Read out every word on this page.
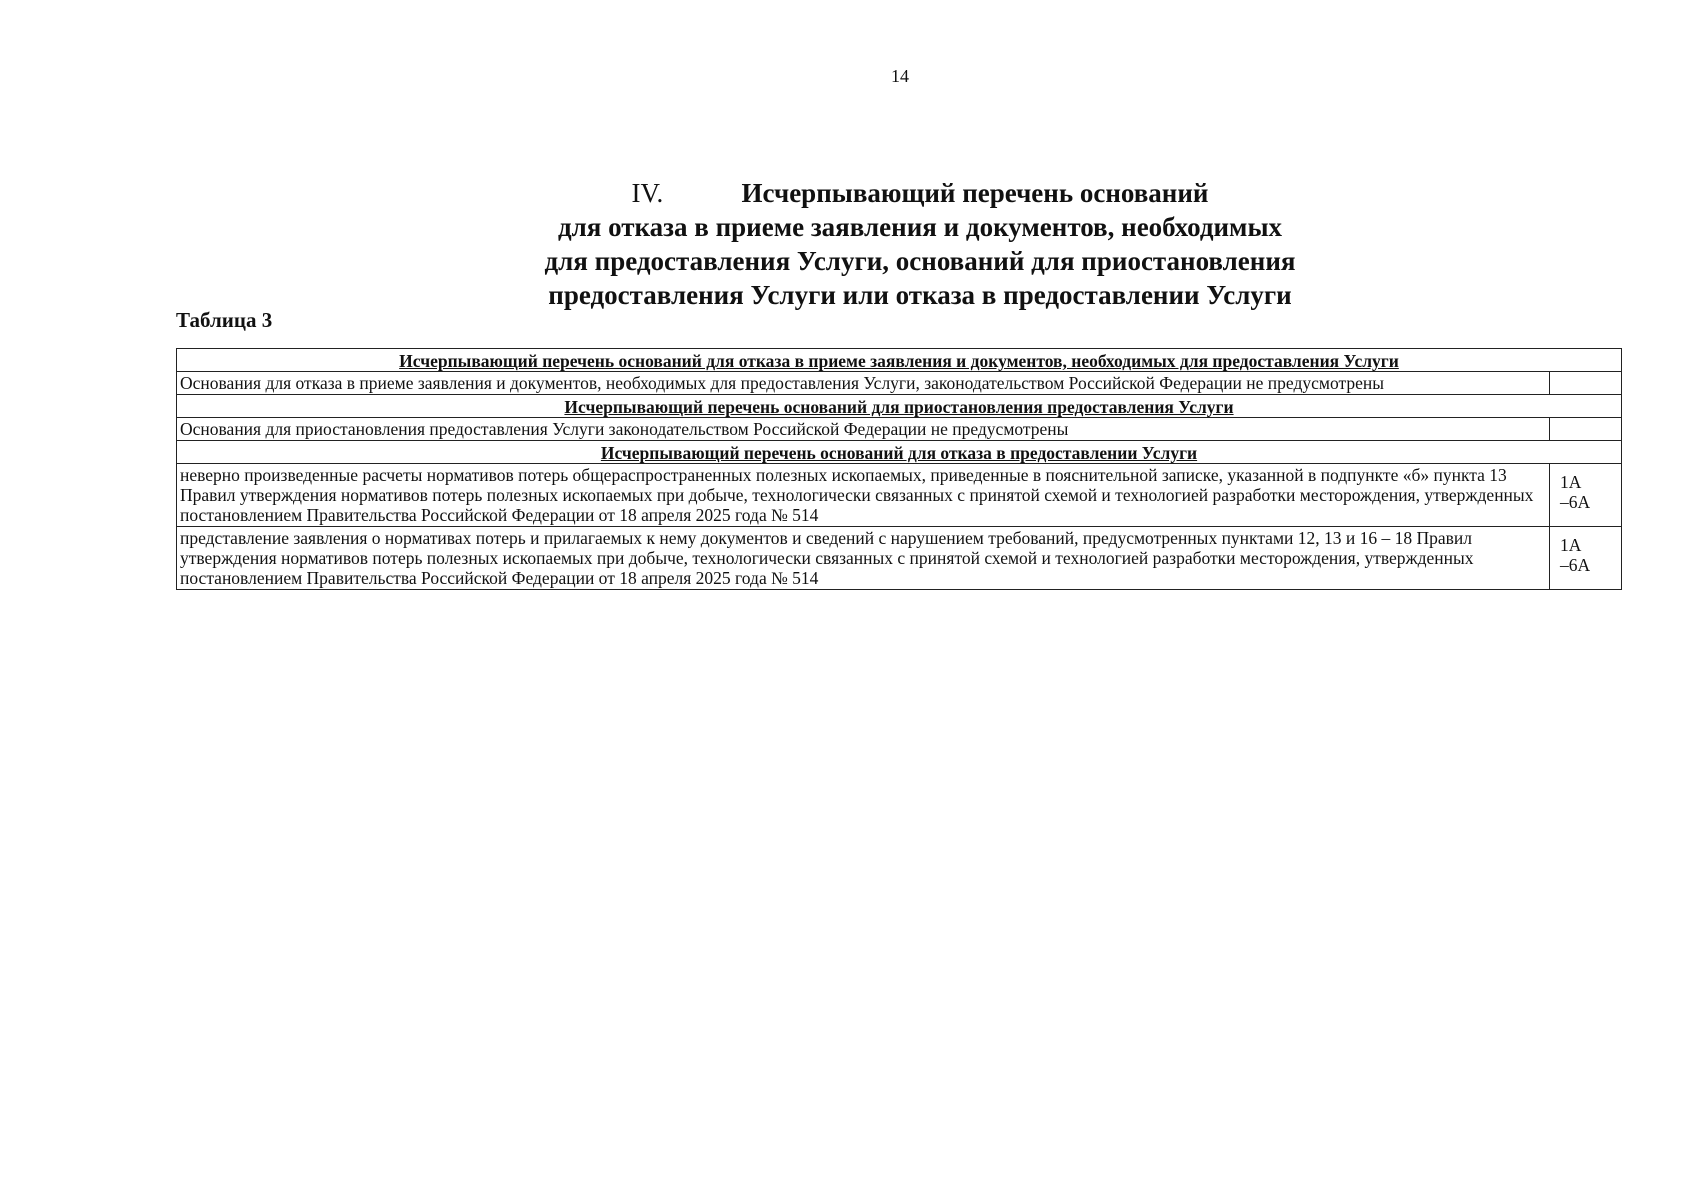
14
IV.	Исчерпывающий перечень оснований
для отказа в приеме заявления и документов, необходимых
для предоставления Услуги, оснований для приостановления
предоставления Услуги или отказа в предоставлении Услуги
Таблица 3
Исчерпывающий перечень оснований для отказа в приеме заявления и документов, необходимых для предоставления Услуги	
Основания для отказа в приеме заявления и документов, необходимых для предоставления Услуги, законодательством Российской Федерации не предусмотрены	
Исчерпывающий перечень оснований для приостановления предоставления Услуги	
Основания для приостановления предоставления Услуги законодательством Российской Федерации не предусмотрены	
Исчерпывающий перечень оснований для отказа в предоставлении Услуги	
неверно произведенные расчеты нормативов потерь общераспространенных полезных ископаемых, приведенные в пояснительной записке, указанной в подпункте «б» пункта 13 Правил утверждения нормативов потерь полезных ископаемых при добыче, технологически связанных с принятой схемой и технологией разработки месторождения, утвержденных постановлением Правительства Российской Федерации от 18 апреля 2025 года № 514	1А
–6А

представление заявления о нормативах потерь и прилагаемых к нему документов и сведений с нарушением требований, предусмотренных пунктами 12, 13 и 16 – 18 Правил утверждения нормативов потерь полезных ископаемых при добыче, технологически связанных с принятой схемой и технологией разработки месторождения, утвержденных постановлением Правительства Российской Федерации от 18 апреля 2025 года № 514	1А
–6А
